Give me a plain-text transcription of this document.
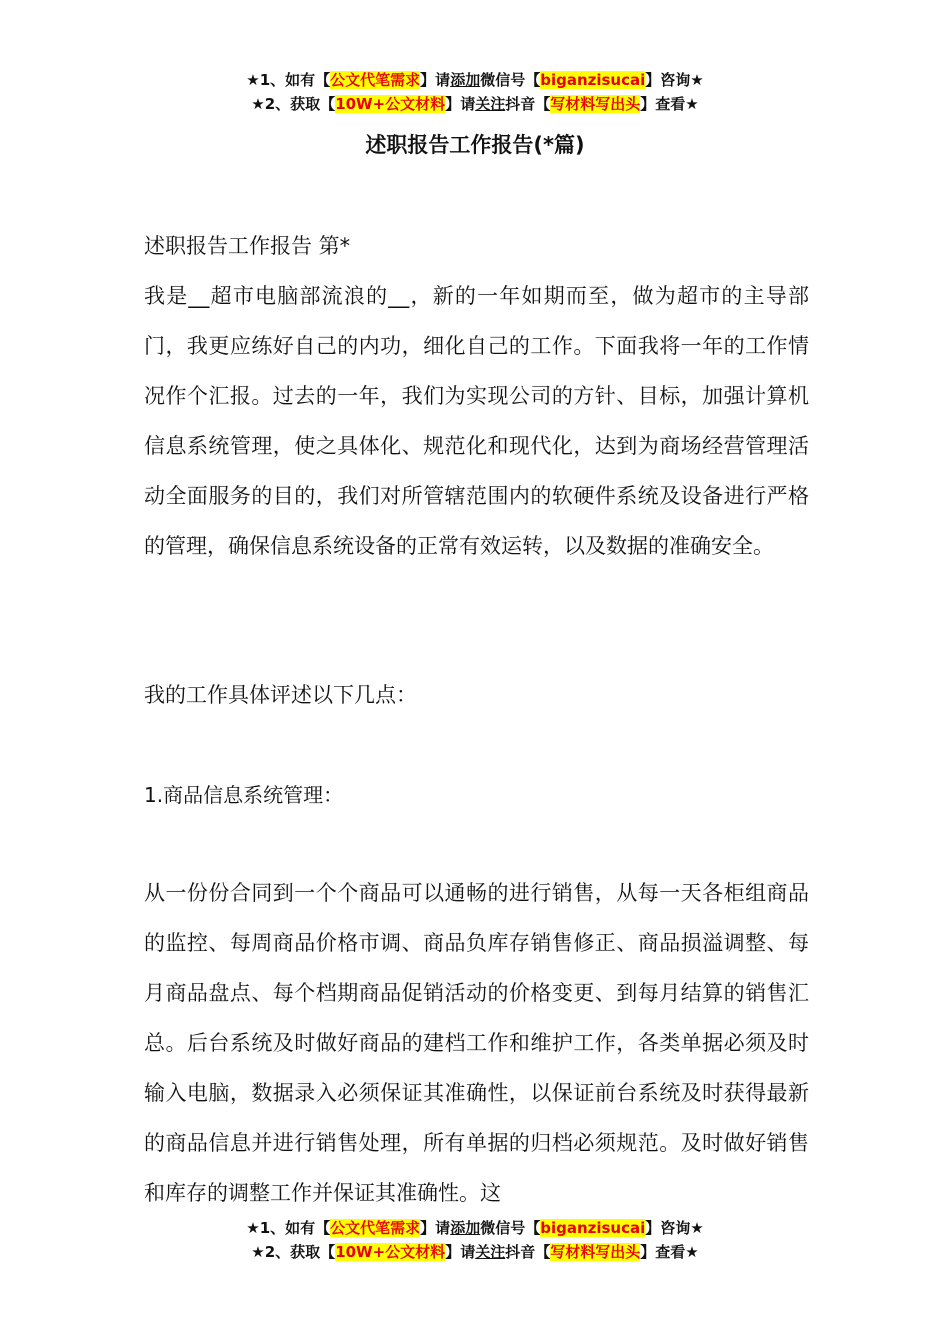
★1、如有【公文代笔需求】请添加微信号【biganzisucai】咨询★
★2、获取【10W+公文材料】请关注抖音【写材料写出头】查看★
述职报告工作报告(*篇)

述职报告工作报告 第*

我是__超市电脑部流浪的__，新的一年如期而至，做为超市的主导部门，我更应练好自己的内功，细化自己的工作。下面我将一年的工作情况作个汇报。过去的一年，我们为实现公司的方针、目标，加强计算机信息系统管理，使之具体化、规范化和现代化，达到为商场经营管理活动全面服务的目的，我们对所管辖范围内的软硬件系统及设备进行严格的管理，确保信息系统设备的正常有效运转，以及数据的准确安全。

我的工作具体评述以下几点：
1.商品信息系统管理：
从一份份合同到一个个商品可以通畅的进行销售，从每一天各柜组商品的监控、每周商品价格市调、商品负库存销售修正、商品损溢调整、每月商品盘点、每个档期商品促销活动的价格变更、到每月结算的销售汇总。后台系统及时做好商品的建档工作和维护工作，各类单据必须及时输入电脑，数据录入必须保证其准确性，以保证前台系统及时获得最新的商品信息并进行销售处理，所有单据的归档必须规范。及时做好销售和库存的调整工作并保证其准确性。这
★1、如有【公文代笔需求】请添加微信号【biganzisucai】咨询★
★2、获取【10W+公文材料】请关注抖音【写材料写出头】查看★
